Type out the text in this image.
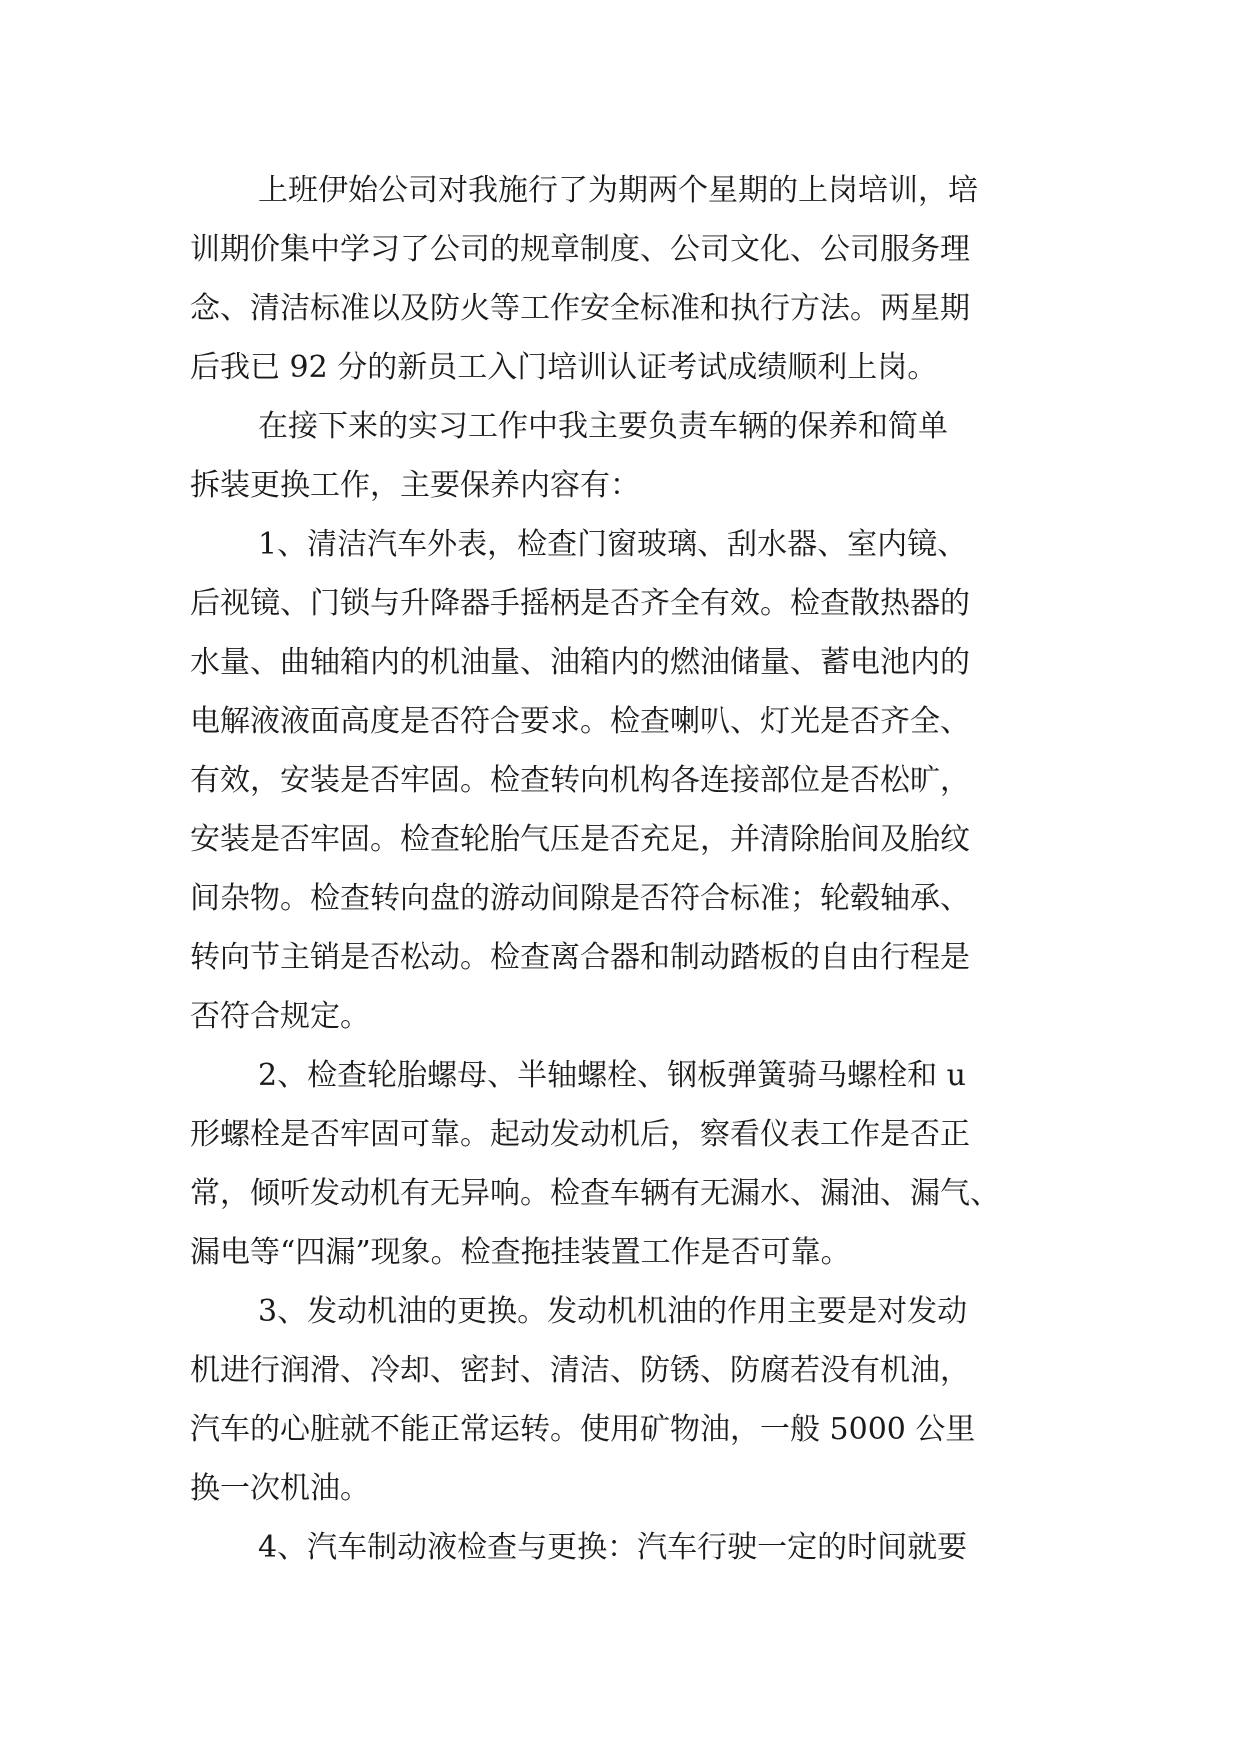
上班伊始公司对我施行了为期两个星期的上岗培训，培
训期价集中学习了公司的规章制度、公司文化、公司服务理
念、清洁标准以及防火等工作安全标准和执行方法。两星期
后我已 92 分的新员工入门培训认证考试成绩顺利上岗。
在接下来的实习工作中我主要负责车辆的保养和简单
拆装更换工作，主要保养内容有：
1、清洁汽车外表，检查门窗玻璃、刮水器、室内镜、
后视镜、门锁与升降器手摇柄是否齐全有效。检查散热器的
水量、曲轴箱内的机油量、油箱内的燃油储量、蓄电池内的
电解液液面高度是否符合要求。检查喇叭、灯光是否齐全、
有效，安装是否牢固。检查转向机构各连接部位是否松旷，
安装是否牢固。检查轮胎气压是否充足，并清除胎间及胎纹
间杂物。检查转向盘的游动间隙是否符合标准；轮毂轴承、
转向节主销是否松动。检查离合器和制动踏板的自由行程是
否符合规定。
2、检查轮胎螺母、半轴螺栓、钢板弹簧骑马螺栓和 u
形螺栓是否牢固可靠。起动发动机后，察看仪表工作是否正
常，倾听发动机有无异响。检查车辆有无漏水、漏油、漏气、
漏电等“四漏”现象。检查拖挂装置工作是否可靠。
3、发动机油的更换。发动机机油的作用主要是对发动
机进行润滑、冷却、密封、清洁、防锈、防腐若没有机油，
汽车的心脏就不能正常运转。使用矿物油，一般 5000 公里
换一次机油。
4、汽车制动液检查与更换：汽车行驶一定的时间就要
